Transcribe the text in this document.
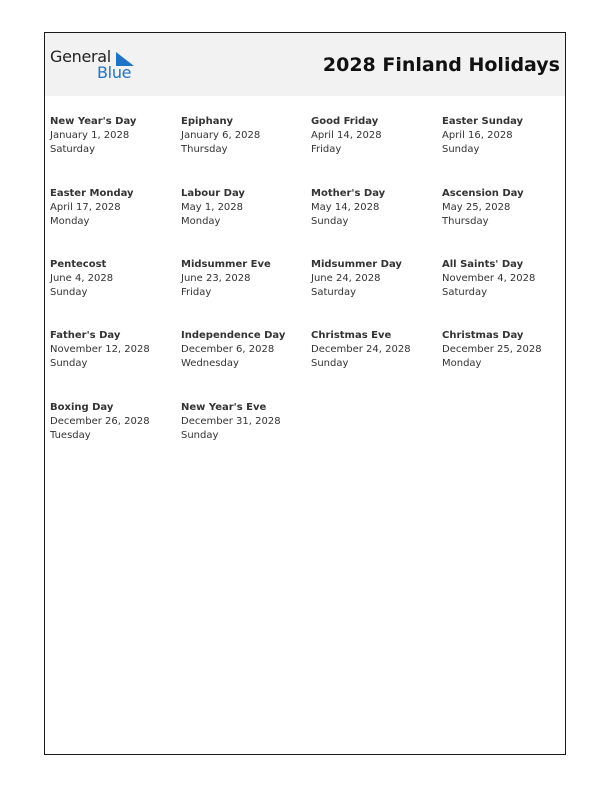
General
Blue	2028 Finland Holidays
New Year's Day
January 1, 2028
Saturday
Epiphany
January 6, 2028
Thursday
Good Friday
April 14, 2028
Friday
Easter Sunday
April 16, 2028
Sunday
Easter Monday
April 17, 2028
Monday
Labour Day
May 1, 2028
Monday
Mother's Day
May 14, 2028
Sunday
Ascension Day
May 25, 2028
Thursday
Pentecost
June 4, 2028
Sunday
Midsummer Eve
June 23, 2028
Friday
Midsummer Day
June 24, 2028
Saturday
All Saints' Day
November 4, 2028
Saturday
Father's Day
November 12, 2028
Sunday
Independence Day
December 6, 2028
Wednesday
Christmas Eve
December 24, 2028
Sunday
Christmas Day
December 25, 2028
Monday
Boxing Day
December 26, 2028
Tuesday
New Year's Eve
December 31, 2028
Sunday
